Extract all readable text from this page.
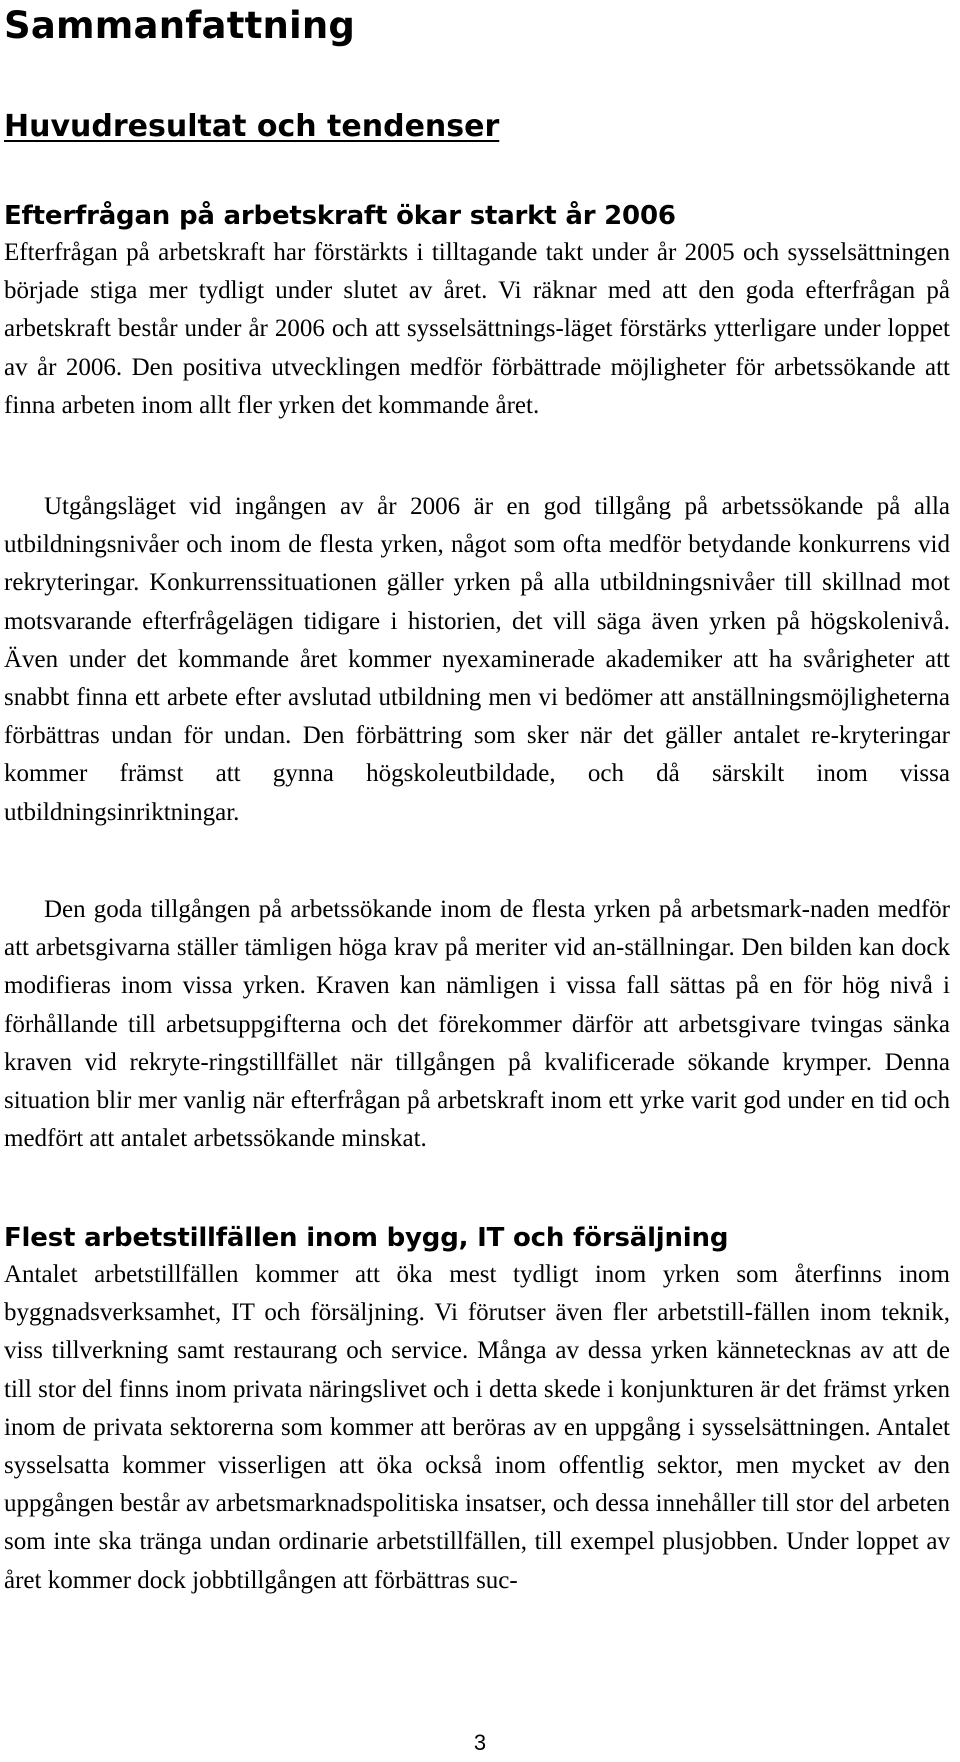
Sammanfattning
Huvudresultat och tendenser
Efterfrågan på arbetskraft ökar starkt år 2006

Efterfrågan på arbetskraft har förstärkts i tilltagande takt under år 2005 och sysselsättningen började stiga mer tydligt under slutet av året. Vi räknar med att den goda efterfrågan på arbetskraft består under år 2006 och att sysselsättnings-läget förstärks ytterligare under loppet av år 2006. Den positiva utvecklingen medför förbättrade möjligheter för arbetssökande att finna arbeten inom allt fler yrken det kommande året.

Utgångsläget vid ingången av år 2006 är en god tillgång på arbetssökande på alla utbildningsnivåer och inom de flesta yrken, något som ofta medför betydande konkurrens vid rekryteringar. Konkurrenssituationen gäller yrken på alla utbildningsnivåer till skillnad mot motsvarande efterfrågelägen tidigare i historien, det vill säga även yrken på högskolenivå. Även under det kommande året kommer nyexaminerade akademiker att ha svårigheter att snabbt finna ett arbete efter avslutad utbildning men vi bedömer att anställningsmöjligheterna förbättras undan för undan. Den förbättring som sker när det gäller antalet re-kryteringar kommer främst att gynna högskoleutbildade, och då särskilt inom vissa utbildningsinriktningar.

Den goda tillgången på arbetssökande inom de flesta yrken på arbetsmark-naden medför att arbetsgivarna ställer tämligen höga krav på meriter vid an-ställningar. Den bilden kan dock modifieras inom vissa yrken. Kraven kan nämligen i vissa fall sättas på en för hög nivå i förhållande till arbetsuppgifterna och det förekommer därför att arbetsgivare tvingas sänka kraven vid rekryte-ringstillfället när tillgången på kvalificerade sökande krymper. Denna situation blir mer vanlig när efterfrågan på arbetskraft inom ett yrke varit god under en tid och medfört att antalet arbetssökande minskat.

Flest arbetstillfällen inom bygg, IT och försäljning

Antalet arbetstillfällen kommer att öka mest tydligt inom yrken som återfinns inom byggnadsverksamhet, IT och försäljning. Vi förutser även fler arbetstill-fällen inom teknik, viss tillverkning samt restaurang och service. Många av dessa yrken kännetecknas av att de till stor del finns inom privata näringslivet och i detta skede i konjunkturen är det främst yrken inom de privata sektorerna som kommer att beröras av en uppgång i sysselsättningen. Antalet sysselsatta kommer visserligen att öka också inom offentlig sektor, men mycket av den uppgången består av arbetsmarknadspolitiska insatser, och dessa innehåller till stor del arbeten som inte ska tränga undan ordinarie arbetstillfällen, till exempel plusjobben. Under loppet av året kommer dock jobbtillgången att förbättras suc-

3
